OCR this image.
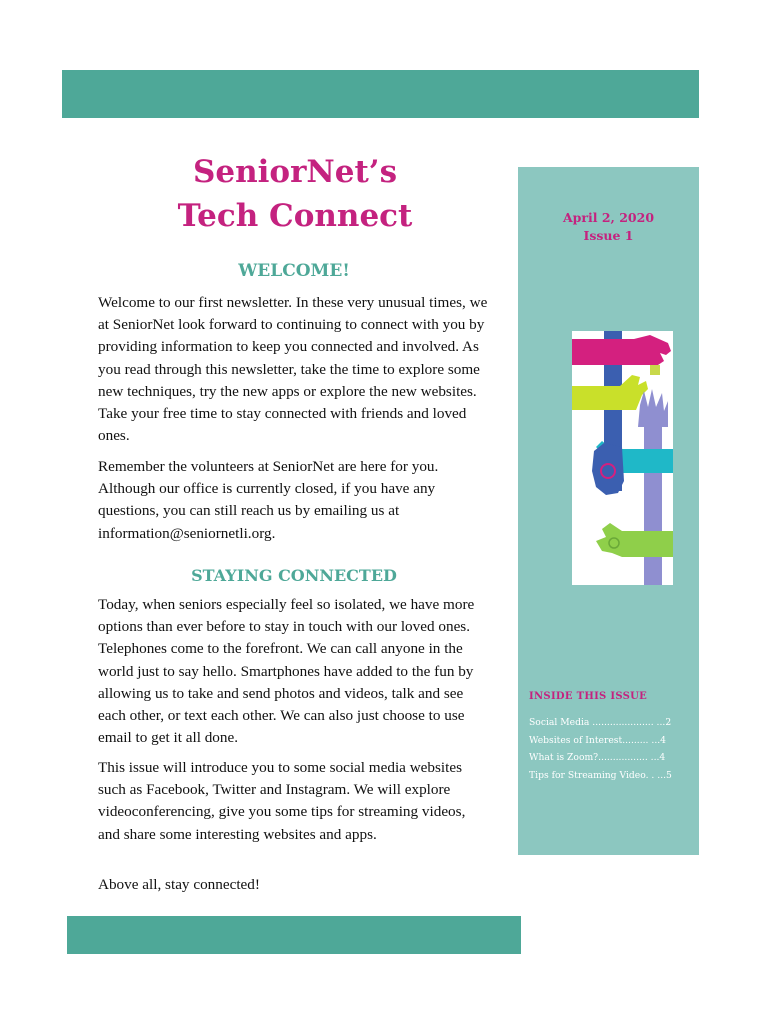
SeniorNet’s
Tech Connect
WELCOME!

Welcome to our first newsletter. In these very unusual times, we at SeniorNet look forward to continuing to connect with you by providing information to keep you connected and involved. As you read through this newsletter, take the time to explore some new techniques, try the new apps or explore the new websites. Take your free time to stay connected with friends and loved ones.

Remember the volunteers at SeniorNet are here for you. Although our office is currently closed, if you have any questions, you can still reach us by emailing us at information@seniornetli.org.

STAYING CONNECTED

Today, when seniors especially feel so isolated, we have more options than ever before to stay in touch with our loved ones. Telephones come to the forefront. We can call anyone in the world just to say hello. Smartphones have added to the fun by allowing us to take and send photos and videos, talk and see each other, or text each other. We can also just choose to use email to get it all done.

This issue will introduce you to some social media websites such as Facebook, Twitter and Instagram. We will explore videoconferencing, give you some tips for streaming videos, and share some interesting websites and apps.

Above all, stay connected!

April 2, 2020
Issue 1

INSIDE THIS ISSUE

Social Media ..................... ...2
Websites of Interest......... ...4
What is Zoom?................. ...4
Tips for Streaming Video. . ...5
